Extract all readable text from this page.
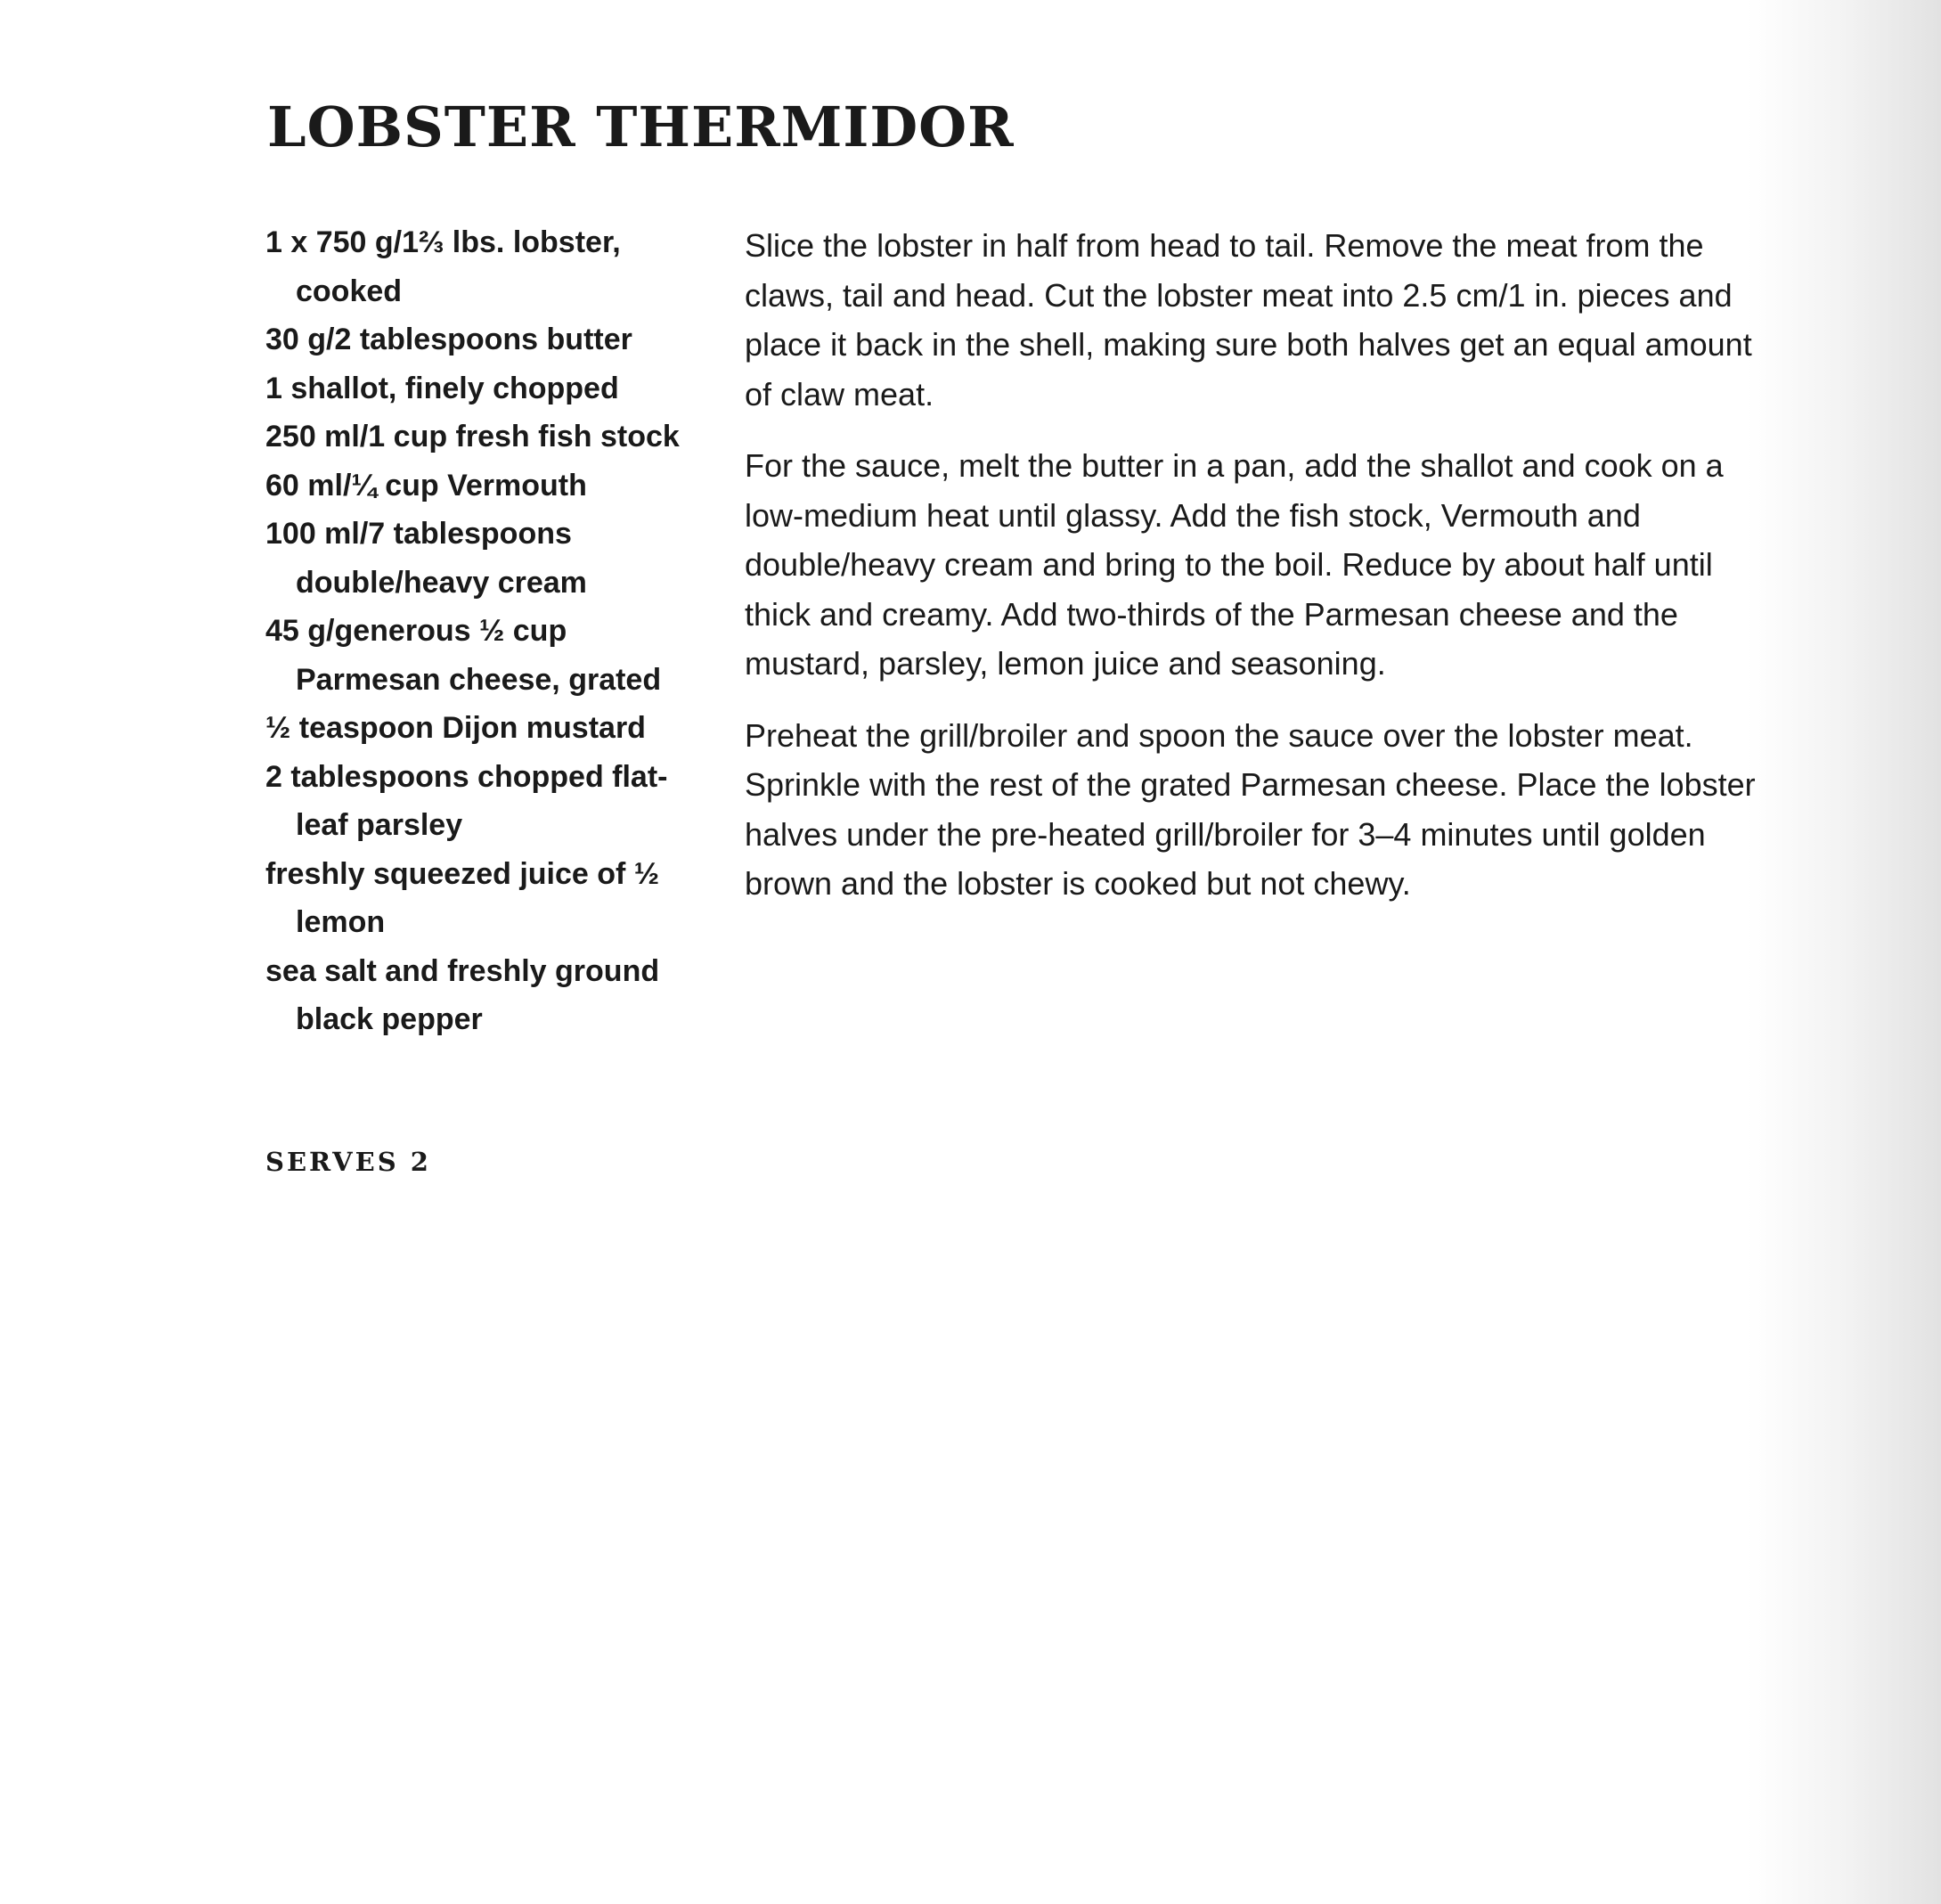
LOBSTER THERMIDOR
1 x 750 g/1⅔ lbs. lobster, cooked
30 g/2 tablespoons butter
1 shallot, finely chopped
250 ml/1 cup fresh fish stock
60 ml/¼ cup Vermouth
100 ml/7 tablespoons double/heavy cream
45 g/generous ½ cup Parmesan cheese, grated
½ teaspoon Dijon mustard
2 tablespoons chopped flat-leaf parsley
freshly squeezed juice of ½ lemon
sea salt and freshly ground black pepper
SERVES 2

Slice the lobster in half from head to tail. Remove the meat from the claws, tail and head. Cut the lobster meat into 2.5 cm/1 in. pieces and place it back in the shell, making sure both halves get an equal amount of claw meat.

For the sauce, melt the butter in a pan, add the shallot and cook on a low-medium heat until glassy. Add the fish stock, Vermouth and double/heavy cream and bring to the boil. Reduce by about half until thick and creamy. Add two-thirds of the Parmesan cheese and the mustard, parsley, lemon juice and seasoning.

Preheat the grill/broiler and spoon the sauce over the lobster meat. Sprinkle with the rest of the grated Parmesan cheese. Place the lobster halves under the pre-heated grill/broiler for 3–4 minutes until golden brown and the lobster is cooked but not chewy.
